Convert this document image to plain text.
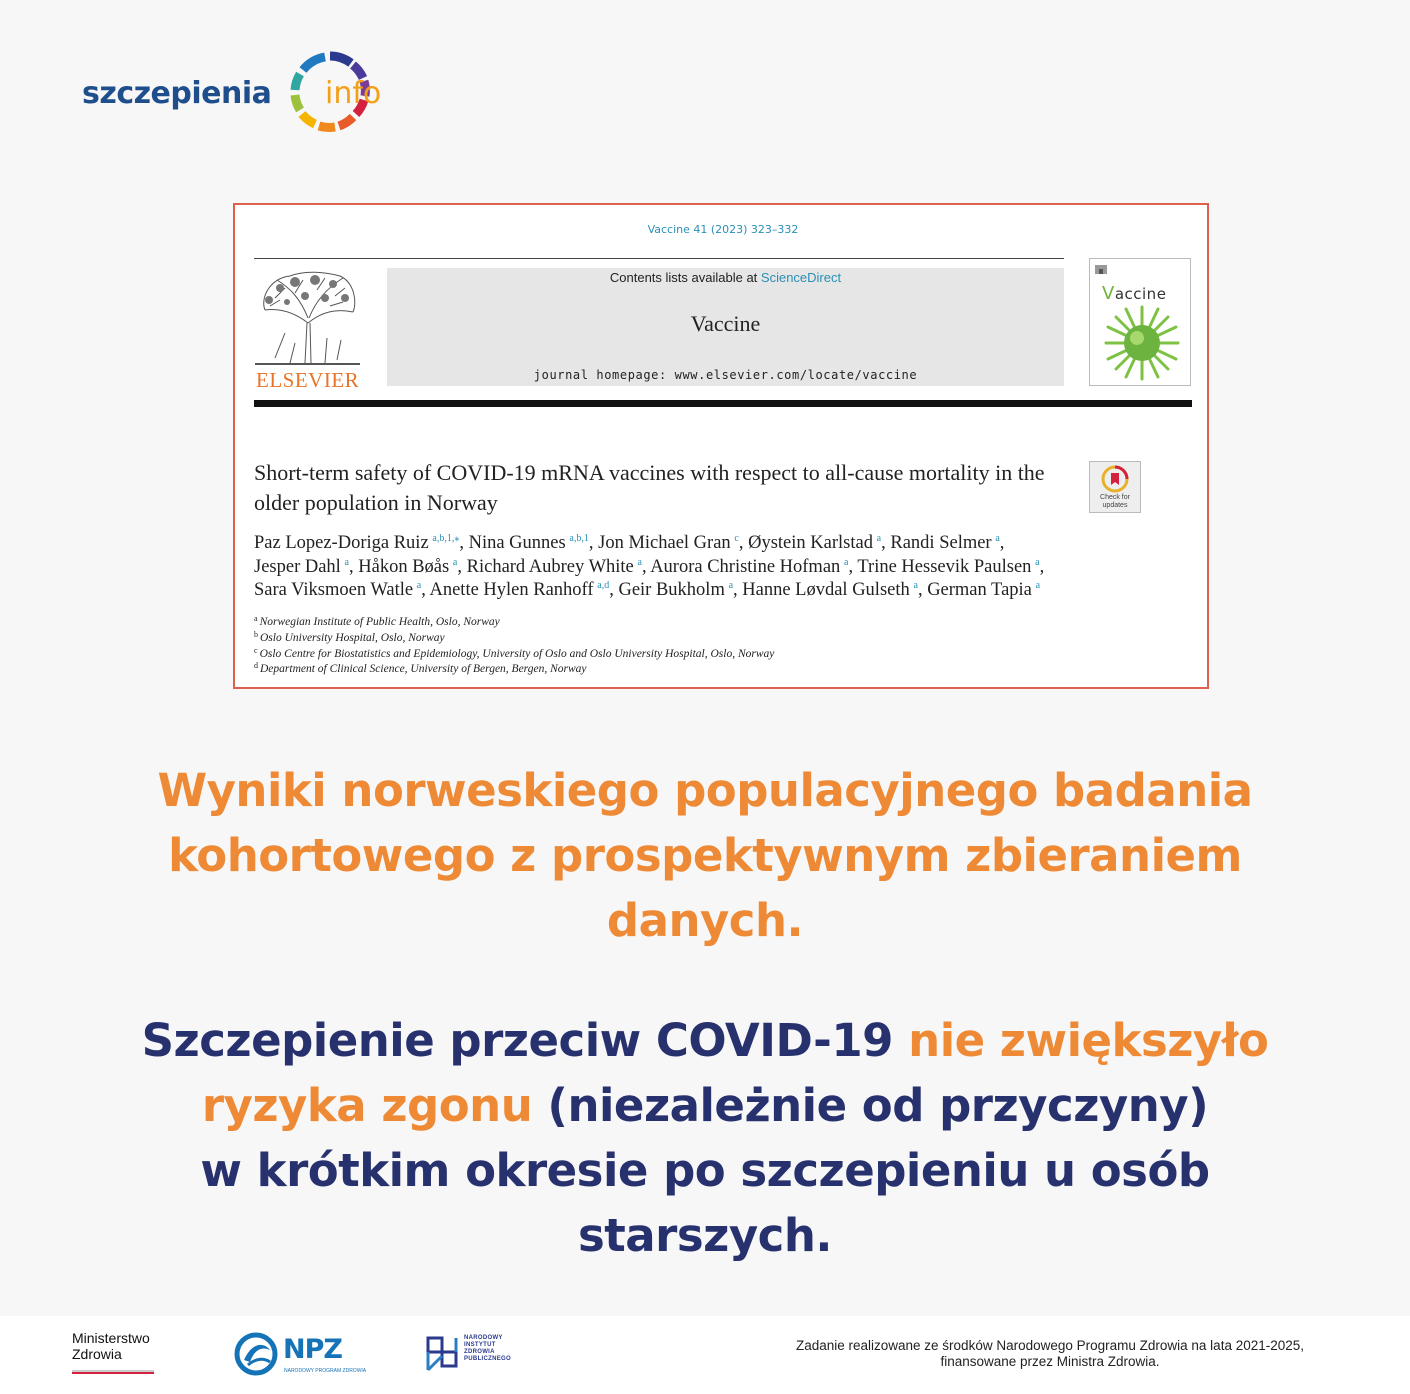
szczepienia info
Vaccine 41 (2023) 323–332
ELSEVIER
Contents lists available at ScienceDirect
Vaccine
journal homepage: www.elsevier.com/locate/vaccine
Vaccine
Short-term safety of COVID-19 mRNA vaccines with respect to all-cause mortality in the older population in Norway	Check for updates
Paz Lopez-Doriga Ruiz  $^{a,b,1,⁎}$, Nina Gunnes  $^{a,b,1}$, Jon Michael Gran  $^c$, Øystein Karlstad  $^a$, Randi Selmer  $^a$,
Jesper Dahl  $^a$, Håkon Bøås  $^a$, Richard Aubrey White  $^a$, Aurora Christine Hofman  $^a$, Trine Hessevik Paulsen  $^a$,
Sara Viksmoen Watle  $^a$, Anette Hylen Ranhoff  $^{a,d}$, Geir Bukholm  $^a$, Hanne Løvdal Gulseth  $^a$, German Tapia  $^a$
$^a$ Norwegian Institute of Public Health, Oslo, Norway
$^b$ Oslo University Hospital, Oslo, Norway
$^c$ Oslo Centre for Biostatistics and Epidemiology, University of Oslo and Oslo University Hospital, Oslo, Norway
$^d$ Department of Clinical Science, University of Bergen, Bergen, Norway
Wyniki norweskiego populacyjnego badania
kohortowego z prospektywnym zbieraniem
danych.
Szczepienie przeciw COVID-19 nie zwiększyło
ryzyka zgonu (niezależnie od przyczyny)
w krótkim okresie po szczepieniu u osób
starszych.
Ministerstwo
Zdrowia	NPZ
NARODOWY PROGRAM ZDROWIA
NARODOWY
INSTYTUT
ZDROWIA
PUBLICZNEGO
Zadanie realizowane ze środków Narodowego Programu Zdrowia na lata 2021-2025,
finansowane przez Ministra Zdrowia.
